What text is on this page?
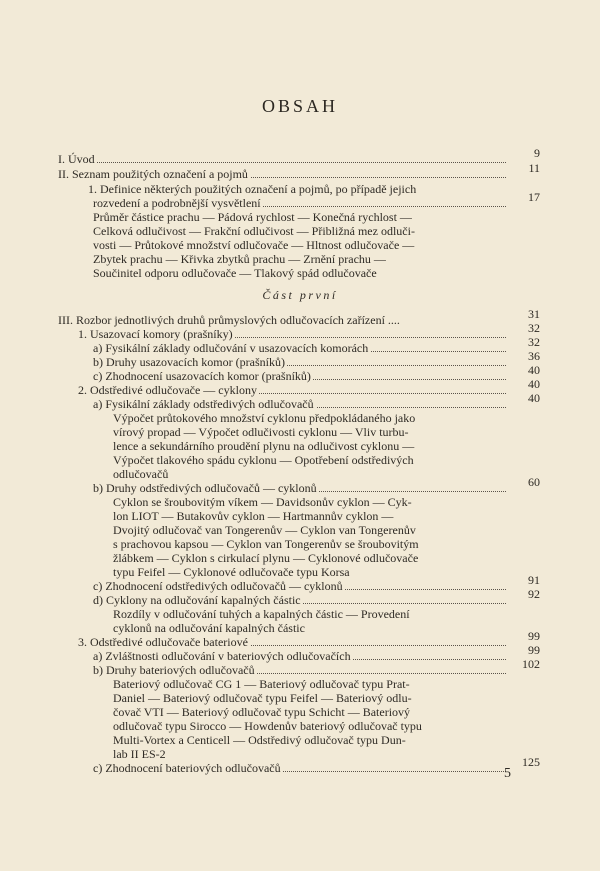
OBSAH
Část první
I. Úvod	9
II. Seznam použitých označení a pojmů	11
1. Definice některých použitých označení a pojmů, po případě jejich
rozvedení a podrobnější vysvětlení	17
Průměr částice prachu — Pádová rychlost — Konečná rychlost —
Celková odlučivost — Frakční odlučivost — Přibližná mez odluči-
vosti — Průtokové množství odlučovače — Hltnost odlučovače —
Zbytek prachu — Křivka zbytků prachu — Zrnění prachu —
Součinitel odporu odlučovače — Tlakový spád odlučovače
III. Rozbor jednotlivých druhů průmyslových odlučovacích zařízení ....	31
1. Usazovací komory (prašníky)	32
a) Fysikální základy odlučování v usazovacích komorách	32
b) Druhy usazovacích komor (prašníků)	36
c) Zhodnocení usazovacích komor (prašníků)	40
2. Odstředivé odlučovače — cyklony	40
a) Fysikální základy odstředivých odlučovačů	40
Výpočet průtokového množství cyklonu předpokládaného jako
vírový propad — Výpočet odlučivosti cyklonu — Vliv turbu-
lence a sekundárního proudění plynu na odlučivost cyklonu —
Výpočet tlakového spádu cyklonu — Opotřebení odstředivých
odlučovačů
b) Druhy odstředivých odlučovačů — cyklonů	60
Cyklon se šroubovitým víkem — Davidsonův cyklon — Cyk-
lon LIOT — Butakovův cyklon — Hartmannův cyklon —
Dvojitý odlučovač van Tongerenův — Cyklon van Tongerenův
s prachovou kapsou — Cyklon van Tongerenův se šroubovitým
žlábkem — Cyklon s cirkulací plynu — Cyklonové odlučovače
typu Feifel — Cyklonové odlučovače typu Korsa
c) Zhodnocení odstředivých odlučovačů — cyklonů	91
d) Cyklony na odlučování kapalných částic	92
Rozdíly v odlučování tuhých a kapalných částic — Provedení
cyklonů na odlučování kapalných částic
3. Odstředivé odlučovače bateriové	99
a) Zvláštnosti odlučování v bateriových odlučovačích	99
b) Druhy bateriových odlučovačů	102
Bateriový odlučovač CG 1 — Bateriový odlučovač typu Prat-
Daniel — Bateriový odlučovač typu Feifel — Bateriový odlu-
čovač VTI — Bateriový odlučovač typu Schicht — Bateriový
odlučovač typu Sirocco — Howdenův bateriový odlučovač typu
Multi-Vortex a Centicell — Odstředivý odlučovač typu Dun-
lab II ES-2
c) Zhodnocení bateriových odlučovačů	125
5
